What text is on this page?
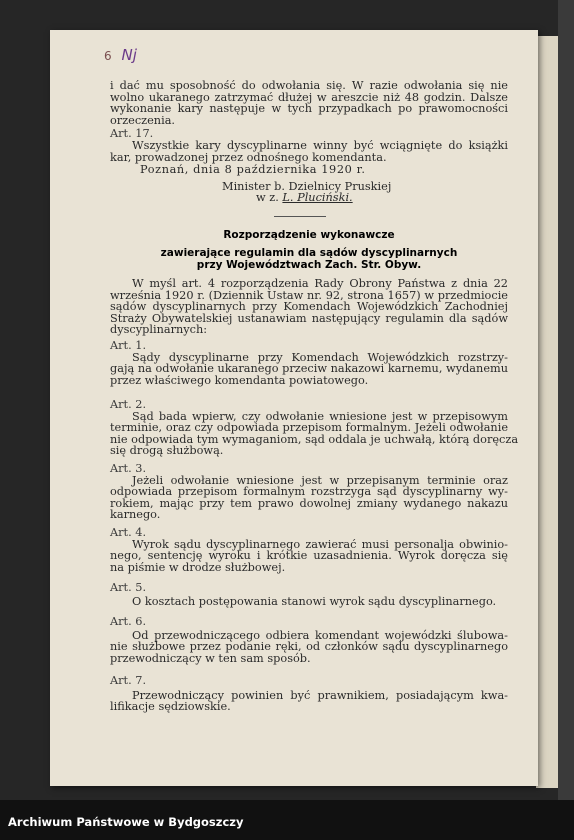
6 Nj
i dać mu sposobność do odwołania się. W razie odwołania się nie
wolno ukaranego zatrzymać dłużej w areszcie niż 48 godzin. Dalsze
wykonanie kary następuje w tych przypadkach po prawomocności
orzeczenia.
Art. 17.
Wszystkie kary dyscyplinarne winny być wciągnięte do książki
kar, prowadzonej przez odnośnego komendanta.
Poznań, dnia 8 października 1920 r.
Minister b. Dzielnicy Pruskiej
w z. L. Pluciński.
Rozporządzenie wykonawcze
zawierające regulamin dla sądów dyscyplinarnych
przy Województwach Zach. Str. Obyw.
W myśl art. 4 rozporządzenia Rady Obrony Państwa z dnia 22
września 1920 r. (Dziennik Ustaw nr. 92, strona 1657) w przedmiocie
sądów dyscyplinarnych przy Komendach Wojewódzkich Zachodniej
Straży Obywatelskiej ustanawiam następujący regulamin dla sądów
dyscyplinarnych:
Art. 1.
Sądy dyscyplinarne przy Komendach Wojewódzkich rozstrzy-
gają na odwołanie ukaranego przeciw nakazowi karnemu, wydanemu
przez właściwego komendanta powiatowego.
Art. 2.
Sąd bada wpierw, czy odwołanie wniesione jest w przepisowym
terminie, oraz czy odpowiada przepisom formalnym. Jeżeli odwołanie
nie odpowiada tym wymaganiom, sąd oddala je uchwałą, którą doręcza
się drogą służbową.
Art. 3.
Jeżeli odwołanie wniesione jest w przepisanym terminie oraz
odpowiada przepisom formalnym rozstrzyga sąd dyscyplinarny wy-
rokiem, mając przy tem prawo dowolnej zmiany wydanego nakazu
karnego.
Art. 4.
Wyrok sądu dyscyplinarnego zawierać musi personalja obwinio-
nego, sentencję wyroku i krótkie uzasadnienia. Wyrok doręcza się
na piśmie w drodze służbowej.
Art. 5.
O kosztach postępowania stanowi wyrok sądu dyscyplinarnego.
Art. 6.
Od przewodniczącego odbiera komendant wojewódzki ślubowa-
nie służbowe przez podanie ręki, od członków sądu dyscyplinarnego
przewodniczący w ten sam sposób.
Art. 7.
Przewodniczący powinien być prawnikiem, posiadającym kwa-
lifikacje sędziowskie.
Archiwum Państwowe w Bydgoszczy
